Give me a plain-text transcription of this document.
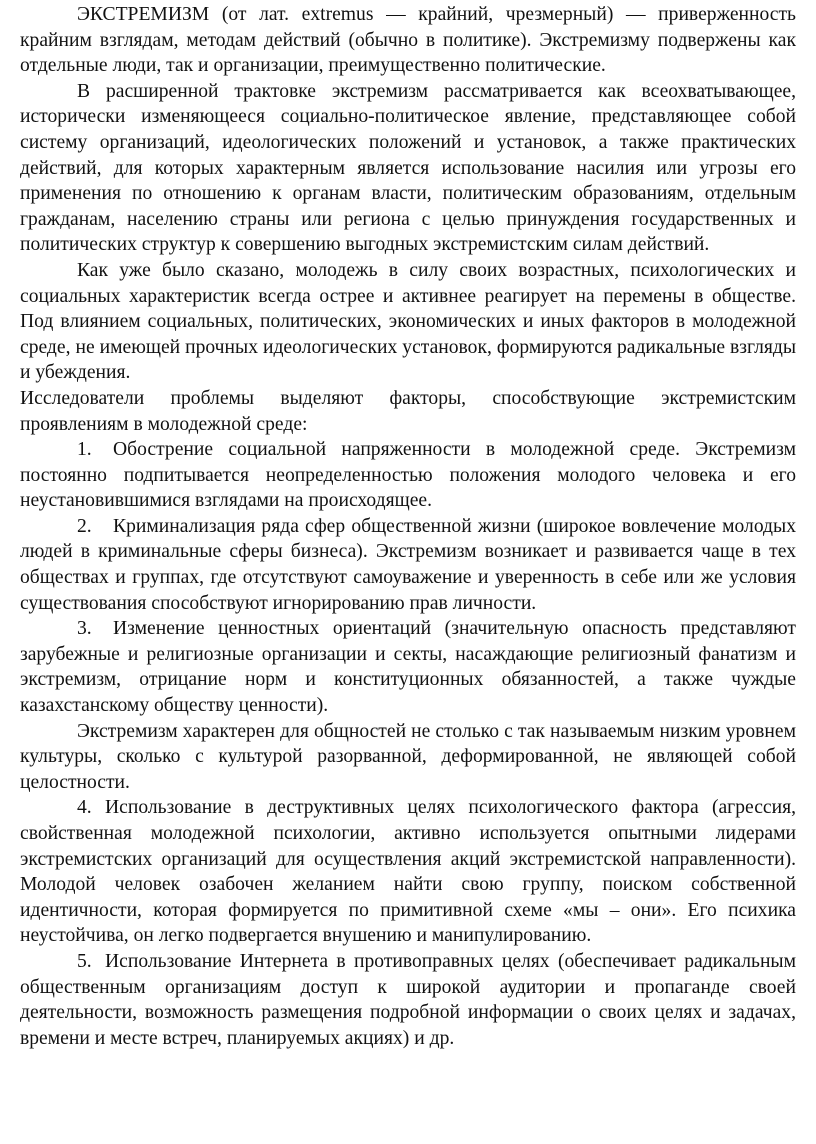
ЭКСТРЕМИЗМ (от лат. extremus — крайний, чрезмерный) — приверженность крайним взглядам, методам действий (обычно в политике). Экстремизму подвержены как отдельные люди, так и организации, преимущественно политические.

В расширенной трактовке экстремизм рассматривается как всеохватывающее, исторически изменяющееся социально-политическое явление, представляющее собой систему организаций, идеологических положений и установок, а также практических действий, для которых характерным является использование насилия или угрозы его применения по отношению к органам власти, политическим образованиям, отдельным гражданам, населению страны или региона с целью принуждения государственных и политических структур к совершению выгодных экстремистским силам действий.

Как уже было сказано, молодежь в силу своих возрастных, психологических и социальных характеристик всегда острее и активнее реагирует на перемены в обществе. Под влиянием социальных, политических, экономических и иных факторов в молодежной среде, не имеющей прочных идеологических установок, формируются радикальные взгляды и убеждения.

Исследователи проблемы выделяют факторы, способствующие экстремистским проявлениям в молодежной среде:

1. Обострение социальной напряженности в молодежной среде. Экстремизм постоянно подпитывается неопределенностью положения молодого человека и его неустановившимися взглядами на происходящее.

2. Криминализация ряда сфер общественной жизни (широкое вовлечение молодых людей в криминальные сферы бизнеса). Экстремизм возникает и развивается чаще в тех обществах и группах, где отсутствуют самоуважение и уверенность в себе или же условия существования способствуют игнорированию прав личности.

3. Изменение ценностных ориентаций (значительную опасность представляют зарубежные и религиозные организации и секты, насаждающие религиозный фанатизм и экстремизм, отрицание норм и конституционных обязанностей, а также чуждые казахстанскому обществу ценности).

Экстремизм характерен для общностей не столько с так называемым низким уровнем культуры, сколько с культурой разорванной, деформированной, не являющей собой целостности.

4. Использование в деструктивных целях психологического фактора (агрессия, свойственная молодежной психологии, активно используется опытными лидерами экстремистских организаций для осуществления акций экстремистской направленности). Молодой человек озабочен желанием найти свою группу, поиском собственной идентичности, которая формируется по примитивной схеме «мы – они». Его психика неустойчива, он легко подвергается внушению и манипулированию.

5. Использование Интернета в противоправных целях (обеспечивает радикальным общественным организациям доступ к широкой аудитории и пропаганде своей деятельности, возможность размещения подробной информации о своих целях и задачах, времени и месте встреч, планируемых акциях) и др.
